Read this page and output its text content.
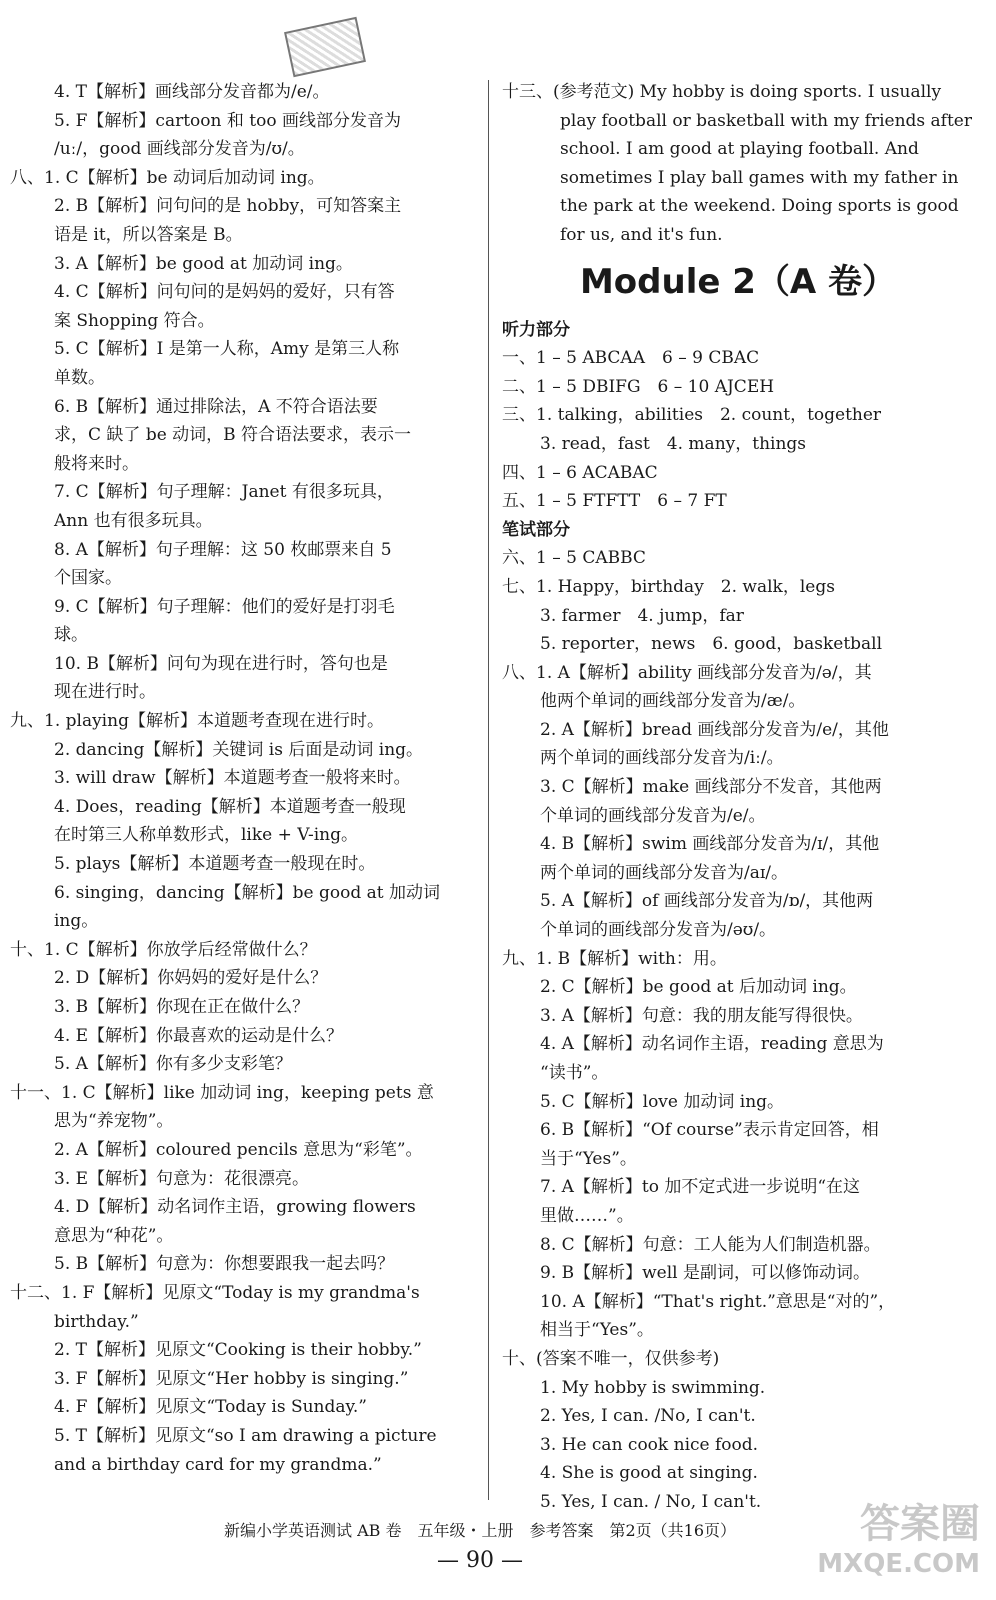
4. T【解析】画线部分发音都为/e/。
5. F【解析】cartoon 和 too 画线部分发音为
/uː/，good 画线部分发音为/ʊ/。
八、1. C【解析】be 动词后加动词 ing。
2. B【解析】问句问的是 hobby，可知答案主
语是 it，所以答案是 B。
3. A【解析】be good at 加动词 ing。
4. C【解析】问句问的是妈妈的爱好，只有答
案 Shopping 符合。
5. C【解析】I 是第一人称，Amy 是第三人称
单数。
6. B【解析】通过排除法，A 不符合语法要
求，C 缺了 be 动词，B 符合语法要求，表示一
般将来时。
7. C【解析】句子理解：Janet 有很多玩具，
Ann 也有很多玩具。
8. A【解析】句子理解：这 50 枚邮票来自 5
个国家。
9. C【解析】句子理解：他们的爱好是打羽毛
球。
10. B【解析】问句为现在进行时，答句也是
现在进行时。
九、1. playing【解析】本道题考查现在进行时。
2. dancing【解析】关键词 is 后面是动词 ing。
3. will draw【解析】本道题考查一般将来时。
4. Does，reading【解析】本道题考查一般现
在时第三人称单数形式，like + V-ing。
5. plays【解析】本道题考查一般现在时。
6. singing，dancing【解析】be good at 加动词
ing。
十、1. C【解析】你放学后经常做什么？
2. D【解析】你妈妈的爱好是什么？
3. B【解析】你现在正在做什么？
4. E【解析】你最喜欢的运动是什么？
5. A【解析】你有多少支彩笔？
十一、1. C【解析】like 加动词 ing，keeping pets 意
思为“养宠物”。
2. A【解析】coloured pencils 意思为“彩笔”。
3. E【解析】句意为：花很漂亮。
4. D【解析】动名词作主语，growing flowers
意思为“种花”。
5. B【解析】句意为：你想要跟我一起去吗？
十二、1. F【解析】见原文“Today is my grandma's
birthday.”
2. T【解析】见原文“Cooking is their hobby.”
3. F【解析】见原文“Her hobby is singing.”
4. F【解析】见原文“Today is Sunday.”
5. T【解析】见原文“so I am drawing a picture
and a birthday card for my grandma.”
十三、(参考范文) My hobby is doing sports. I usually
play football or basketball with my friends after
school. I am good at playing football. And
sometimes I play ball games with my father in
the park at the weekend. Doing sports is good
for us, and it's fun.
Module 2（A 卷）
听力部分
一、1 – 5 ABCAA　6 – 9 CBAC
二、1 – 5 DBIFG　6 – 10 AJCEH
三、1. talking，abilities　2. count，together
3. read，fast　4. many，things
四、1 – 6 ACABAC
五、1 – 5 FTFTT　6 – 7 FT
笔试部分
六、1 – 5 CABBC
七、1. Happy，birthday　2. walk，legs
3. farmer　4. jump，far
5. reporter，news　6. good，basketball
八、1. A【解析】ability 画线部分发音为/ə/，其
他两个单词的画线部分发音为/æ/。
2. A【解析】bread 画线部分发音为/e/，其他
两个单词的画线部分发音为/iː/。
3. C【解析】make 画线部分不发音，其他两
个单词的画线部分发音为/e/。
4. B【解析】swim 画线部分发音为/ɪ/，其他
两个单词的画线部分发音为/aɪ/。
5. A【解析】of 画线部分发音为/ɒ/，其他两
个单词的画线部分发音为/əʊ/。
九、1. B【解析】with：用。
2. C【解析】be good at 后加动词 ing。
3. A【解析】句意：我的朋友能写得很快。
4. A【解析】动名词作主语，reading 意思为
“读书”。
5. C【解析】love 加动词 ing。
6. B【解析】“Of course”表示肯定回答，相
当于“Yes”。
7. A【解析】to 加不定式进一步说明“在这
里做……”。
8. C【解析】句意：工人能为人们制造机器。
9. B【解析】well 是副词，可以修饰动词。
10. A【解析】“That's right.”意思是“对的”，
相当于“Yes”。
十、(答案不唯一，仅供参考)
1. My hobby is swimming.
2. Yes, I can. /No, I can't.
3. He can cook nice food.
4. She is good at singing.
5. Yes, I can. / No, I can't.
新编小学英语测试 AB 卷　五年级・上册　参考答案　第2页（共16页）
— 90 —
答案圈
MXQE.COM
